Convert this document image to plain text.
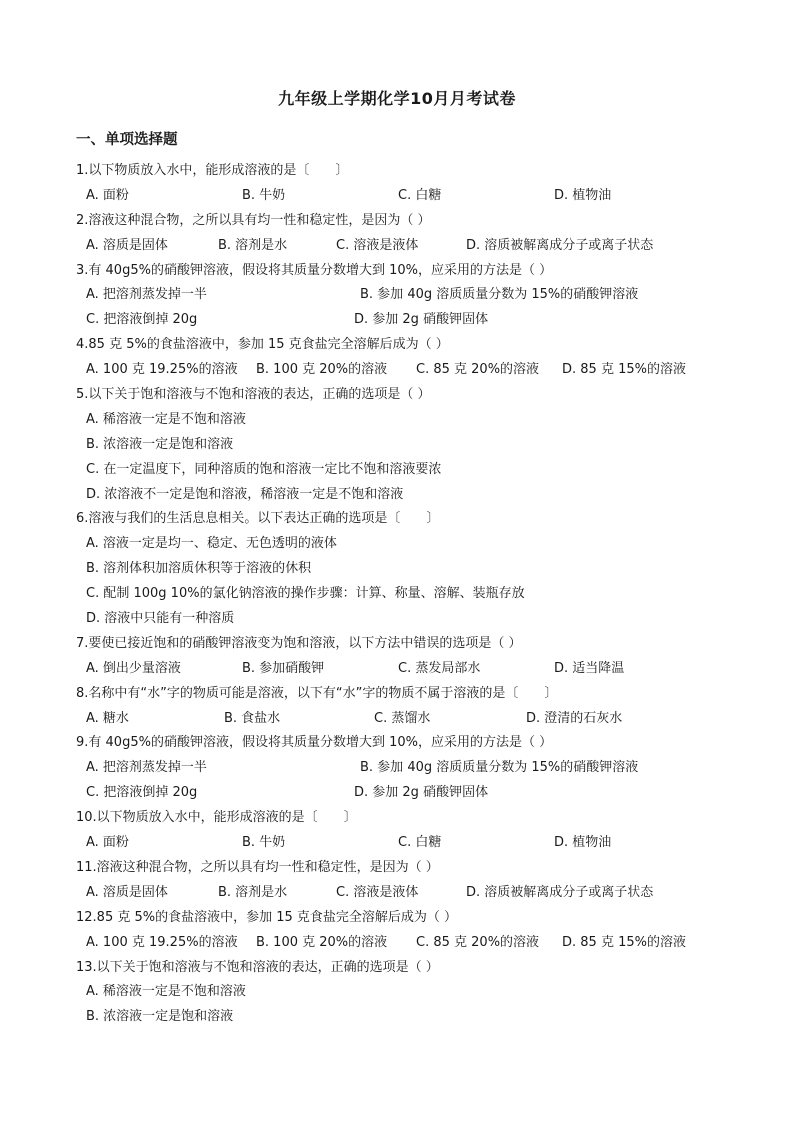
九年级上学期化学10月月考试卷
一、单项选择题
1.以下物质放入水中，能形成溶液的是〔　　〕
A. 面粉	B. 牛奶	C. 白糖	D. 植物油
2.溶液这种混合物，之所以具有均一性和稳定性，是因为（ ）
A. 溶质是固体	B. 溶剂是水	C. 溶液是液体	D. 溶质被解离成分子或离子状态
3.有 40g5%的硝酸钾溶液，假设将其质量分数增大到 10%，应采用的方法是（ ）
A. 把溶剂蒸发掉一半	B. 参加 40g 溶质质量分数为 15%的硝酸钾溶液
C. 把溶液倒掉 20g	D. 参加 2g 硝酸钾固体
4.85 克 5%的食盐溶液中，参加 15 克食盐完全溶解后成为（ ）
A. 100 克 19.25%的溶液 B. 100 克 20%的溶液 C. 85 克 20%的溶液 D. 85 克 15%的溶液
5.以下关于饱和溶液与不饱和溶液的表达，正确的选项是（ ）
A. 稀溶液一定是不饱和溶液
B. 浓溶液一定是饱和溶液
C. 在一定温度下，同种溶质的饱和溶液一定比不饱和溶液要浓
D. 浓溶液不一定是饱和溶液，稀溶液一定是不饱和溶液
6.溶液与我们的生活息息相关。以下表达正确的选项是〔　　〕
A. 溶液一定是均一、稳定、无色透明的液体
B. 溶剂体积加溶质休积等于溶液的休积
C. 配制 100g 10%的氯化钠溶液的操作步骤：计算、称量、溶解、装瓶存放
D. 溶液中只能有一种溶质
7.要使已接近饱和的硝酸钾溶液变为饱和溶液，以下方法中错误的选项是（ ）
A. 倒出少量溶液	B. 参加硝酸钾	C. 蒸发局部水	D. 适当降温
8.名称中有“水”字的物质可能是溶液，以下有“水”字的物质不属于溶液的是〔　　〕
A. 糖水	B. 食盐水	C. 蒸馏水	D. 澄清的石灰水
9.有 40g5%的硝酸钾溶液，假设将其质量分数增大到 10%，应采用的方法是（ ）
A. 把溶剂蒸发掉一半	B. 参加 40g 溶质质量分数为 15%的硝酸钾溶液
C. 把溶液倒掉 20g	D. 参加 2g 硝酸钾固体
10.以下物质放入水中，能形成溶液的是〔　　〕
A. 面粉	B. 牛奶	C. 白糖	D. 植物油
11.溶液这种混合物，之所以具有均一性和稳定性，是因为（ ）
A. 溶质是固体	B. 溶剂是水	C. 溶液是液体	D. 溶质被解离成分子或离子状态
12.85 克 5%的食盐溶液中，参加 15 克食盐完全溶解后成为（ ）
A. 100 克 19.25%的溶液 B. 100 克 20%的溶液 C. 85 克 20%的溶液 D. 85 克 15%的溶液
13.以下关于饱和溶液与不饱和溶液的表达，正确的选项是（ ）
A. 稀溶液一定是不饱和溶液
B. 浓溶液一定是饱和溶液
